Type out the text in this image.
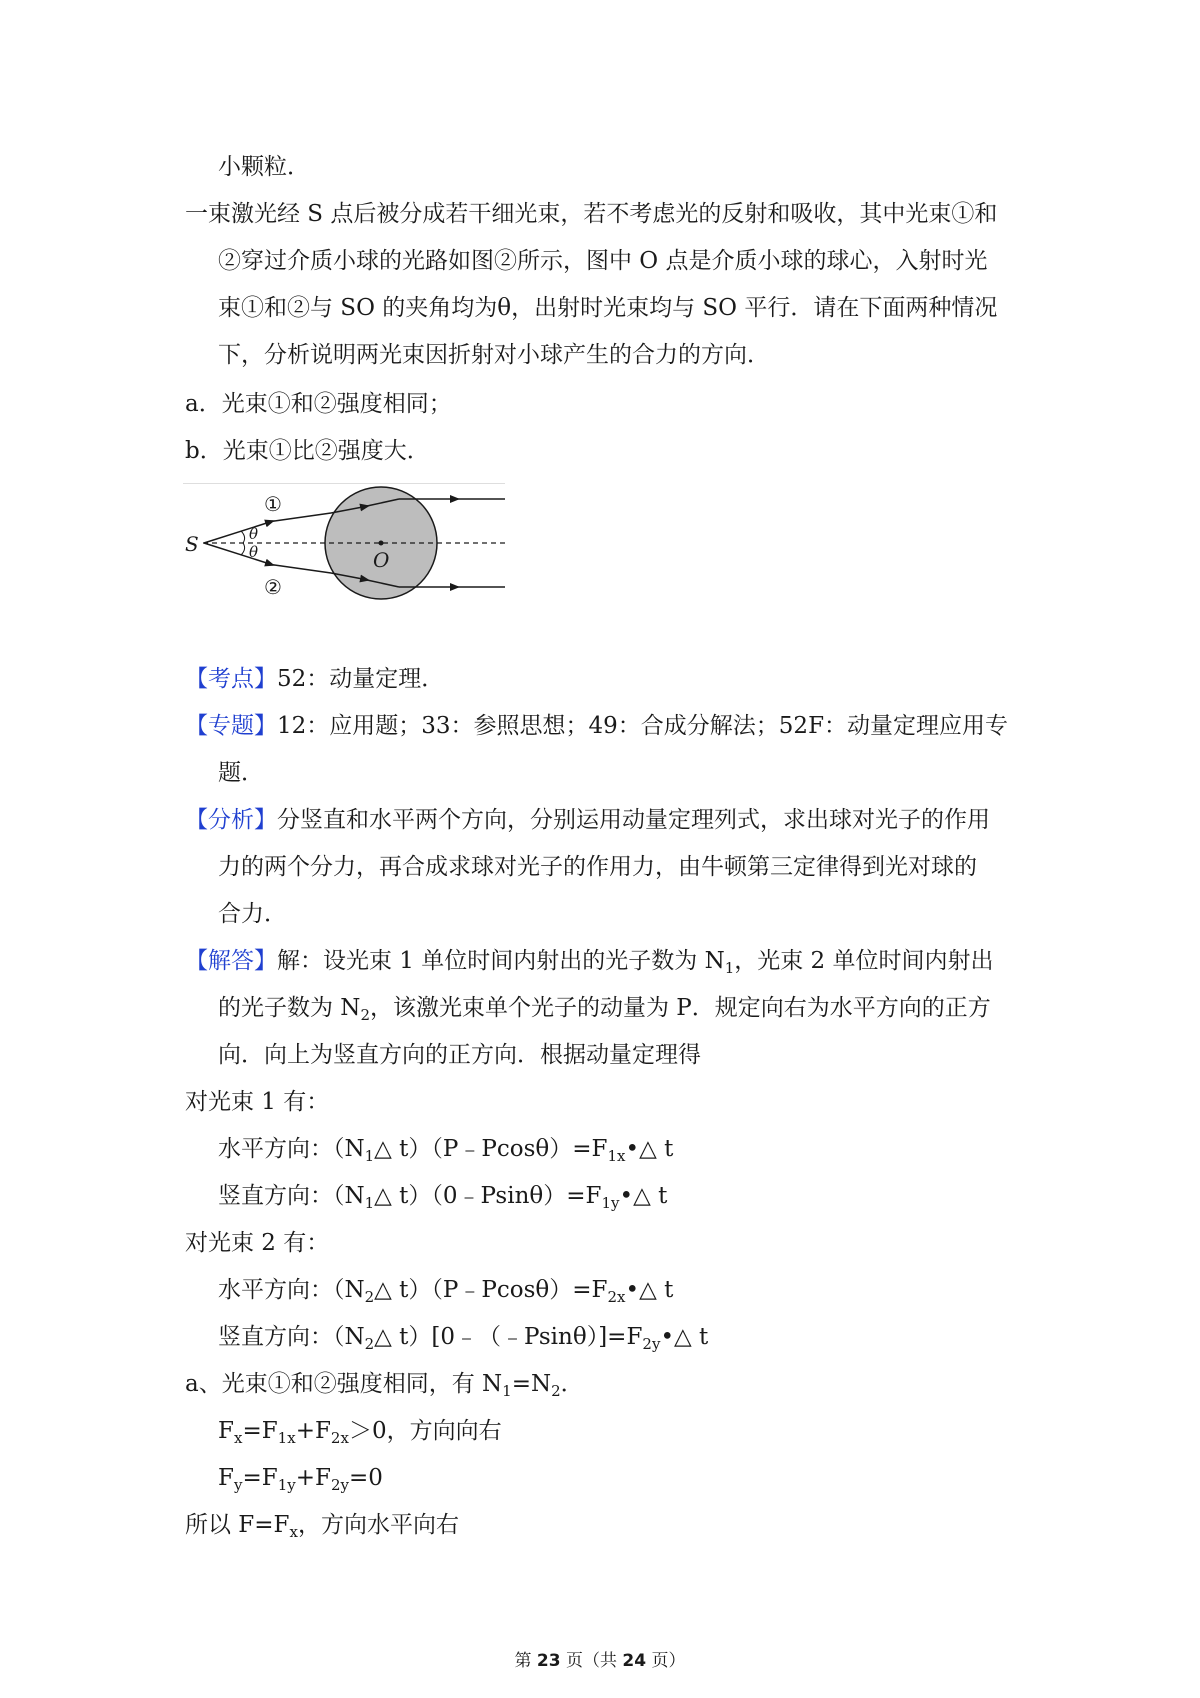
小颗粒．
一束激光经 S 点后被分成若干细光束，若不考虑光的反射和吸收，其中光束①和
②穿过介质小球的光路如图②所示，图中 O 点是介质小球的球心，入射时光
束①和②与 SO 的夹角均为θ，出射时光束均与 SO 平行．请在下面两种情况
下，分析说明两光束因折射对小球产生的合力的方向．
a．光束①和②强度相同；
b．光束①比②强度大．
S
O
θ
θ
①
②
【考点】52：动量定理．
【专题】12：应用题；33：参照思想；49：合成分解法；52F：动量定理应用专
题．
【分析】分竖直和水平两个方向，分别运用动量定理列式，求出球对光子的作用
力的两个分力，再合成求球对光子的作用力，由牛顿第三定律得到光对球的
合力．
【解答】解：设光束 1 单位时间内射出的光子数为 $N_1$，光束 2 单位时间内射出
的光子数为 $N_2$，该激光束单个光子的动量为 P．规定向右为水平方向的正方
向．向上为竖直方向的正方向．根据动量定理得
对光束 1 有：
水平方向：（$N_1\triangle$ $t)(P﹣Pcos\theta)=F_{1x}•\triangle$ t
竖直方向：（$N_1\triangle$ $t)(0﹣Psin\theta)=F_{1y}•\triangle$ t
对光束 2 有：
水平方向：（$N_2\triangle$ $t)(P﹣Pcos\theta)=F_{2x}•\triangle$ t
竖直方向：（$N_2\triangle$ $t)[0﹣(﹣Psin\theta)]=F_{2y}•\triangle$ t
a、光束①和②强度相同，有 $N_1=N_2$．
$F_x=F_{1x}+F_{2x}>0$，方向向右
$F_y=F_{1y}+F_{2y}=0$
所以 $F=F_x$，方向水平向右
第 23 页（共 24 页）
